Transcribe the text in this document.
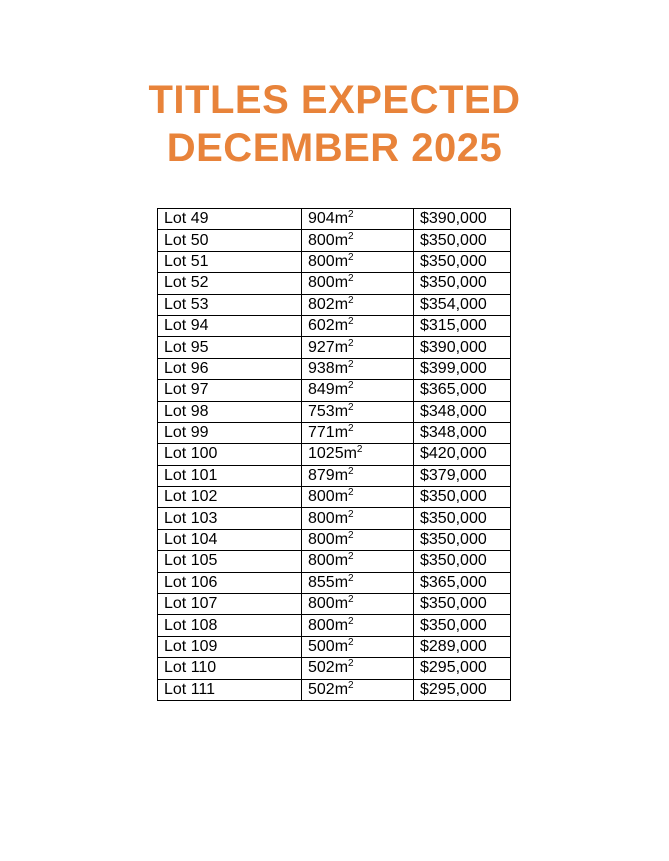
TITLES EXPECTED
DECEMBER 2025
Lot 49	$904m^2$	$390,000
Lot 50	$800m^2$	$350,000
Lot 51	$800m^2$	$350,000
Lot 52	$800m^2$	$350,000
Lot 53	$802m^2$	$354,000
Lot 94	$602m^2$	$315,000
Lot 95	$927m^2$	$390,000
Lot 96	$938m^2$	$399,000
Lot 97	$849m^2$	$365,000
Lot 98	$753m^2$	$348,000
Lot 99	$771m^2$	$348,000
Lot 100	$1025m^2$	$420,000
Lot 101	$879m^2$	$379,000
Lot 102	$800m^2$	$350,000
Lot 103	$800m^2$	$350,000
Lot 104	$800m^2$	$350,000
Lot 105	$800m^2$	$350,000
Lot 106	$855m^2$	$365,000
Lot 107	$800m^2$	$350,000
Lot 108	$800m^2$	$350,000
Lot 109	$500m^2$	$289,000
Lot 110	$502m^2$	$295,000
Lot 111	$502m^2$	$295,000
